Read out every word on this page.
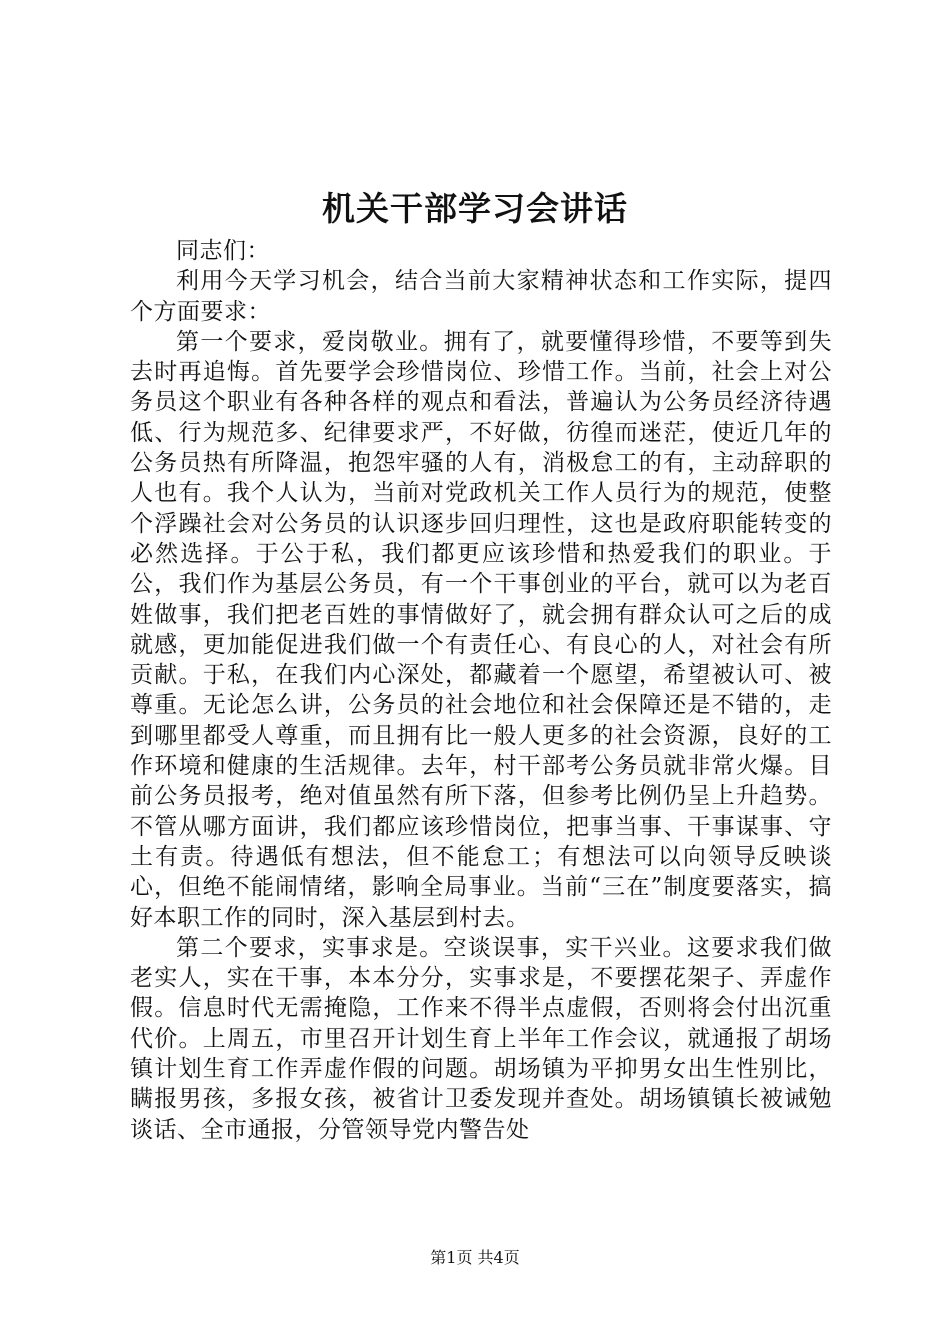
机关干部学习会讲话

同志们：

利用今天学习机会，结合当前大家精神状态和工作实际，提四个方面要求：

第一个要求，爱岗敬业。拥有了，就要懂得珍惜，不要等到失去时再追悔。首先要学会珍惜岗位、珍惜工作。当前，社会上对公务员这个职业有各种各样的观点和看法，普遍认为公务员经济待遇低、行为规范多、纪律要求严，不好做，彷徨而迷茫，使近几年的公务员热有所降温，抱怨牢骚的人有，消极怠工的有，主动辞职的人也有。我个人认为，当前对党政机关工作人员行为的规范，使整个浮躁社会对公务员的认识逐步回归理性，这也是政府职能转变的必然选择。于公于私，我们都更应该珍惜和热爱我们的职业。于公，我们作为基层公务员，有一个干事创业的平台，就可以为老百姓做事，我们把老百姓的事情做好了，就会拥有群众认可之后的成就感，更加能促进我们做一个有责任心、有良心的人，对社会有所贡献。于私，在我们内心深处，都藏着一个愿望，希望被认可、被尊重。无论怎么讲，公务员的社会地位和社会保障还是不错的，走到哪里都受人尊重，而且拥有比一般人更多的社会资源，良好的工作环境和健康的生活规律。去年，村干部考公务员就非常火爆。目前公务员报考，绝对值虽然有所下落，但参考比例仍呈上升趋势。不管从哪方面讲，我们都应该珍惜岗位，把事当事、干事谋事、守土有责。待遇低有想法，但不能怠工；有想法可以向领导反映谈心，但绝不能闹情绪，影响全局事业。当前“三在”制度要落实，搞好本职工作的同时，深入基层到村去。

第二个要求，实事求是。空谈误事，实干兴业。这要求我们做老实人，实在干事，本本分分，实事求是，不要摆花架子、弄虚作假。信息时代无需掩隐，工作来不得半点虚假，否则将会付出沉重代价。上周五，市里召开计划生育上半年工作会议，就通报了胡场镇计划生育工作弄虚作假的问题。胡场镇为平抑男女出生性别比，瞒报男孩，多报女孩，被省计卫委发现并查处。胡场镇镇长被诫勉谈话、全市通报，分管领导党内警告处

第1页 共4页
